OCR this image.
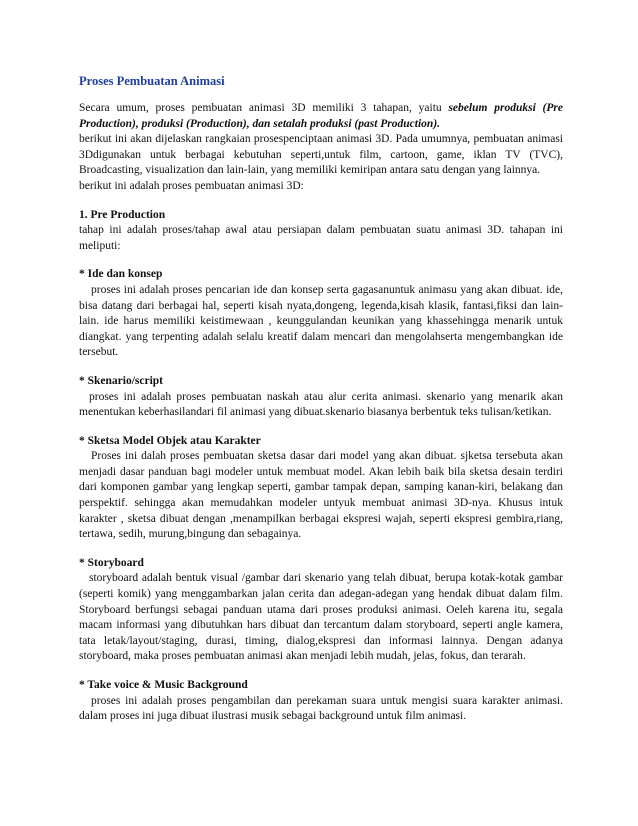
Proses Pembuatan Animasi
Secara umum, proses pembuatan animasi 3D memiliki 3 tahapan, yaitu sebelum produksi (Pre Production), produksi (Production), dan setalah produksi (past Production).
berikut ini akan dijelaskan rangkaian prosespenciptaan animasi 3D. Pada umumnya, pembuatan animasi 3Ddigunakan untuk berbagai kebutuhan seperti,untuk film, cartoon, game, iklan TV (TVC), Broadcasting, visualization dan lain-lain, yang memiliki kemiripan antara satu dengan yang lainnya.
berikut ini adalah proses pembuatan animasi 3D:
1. Pre Production
tahap ini adalah proses/tahap awal atau persiapan dalam pembuatan suatu animasi 3D. tahapan ini meliputi:
* Ide dan konsep
proses ini adalah proses pencarian ide dan konsep serta gagasanuntuk animasu yang akan dibuat. ide, bisa datang dari berbagai hal, seperti kisah nyata,dongeng, legenda,kisah klasik, fantasi,fiksi dan lain-lain. ide harus memiliki keistimewaan , keunggulandan keunikan yang khassehingga menarik untuk diangkat. yang terpenting adalah selalu kreatif dalam mencari dan mengolahserta mengembangkan ide tersebut.
* Skenario/script
proses ini adalah proses pembuatan naskah atau alur cerita animasi. skenario yang menarik akan menentukan keberhasilandari fil animasi yang dibuat.skenario biasanya berbentuk teks tulisan/ketikan.
* Sketsa Model Objek atau Karakter
Proses ini dalah proses pembuatan sketsa dasar dari model yang akan dibuat. sjketsa tersebuta akan menjadi dasar panduan bagi modeler untuk membuat model. Akan lebih baik bila sketsa desain terdiri dari komponen gambar yang lengkap seperti, gambar tampak depan, samping kanan-kiri, belakang dan perspektif. sehingga akan memudahkan modeler untyuk membuat animasi 3D-nya. Khusus intuk karakter , sketsa dibuat dengan ,menampilkan berbagai ekspresi wajah, seperti ekspresi gembira,riang, tertawa, sedih, murung,bingung dan sebagainya.
* Storyboard
storyboard adalah bentuk visual /gambar dari skenario yang telah dibuat, berupa kotak-kotak gambar (seperti komik) yang menggambarkan jalan cerita dan adegan-adegan yang hendak dibuat dalam film. Storyboard berfungsi sebagai panduan utama dari proses produksi animasi. Oeleh karena itu, segala macam informasi yang dibutuhkan hars dibuat dan tercantum dalam storyboard, seperti angle kamera, tata letak/layout/staging, durasi, timing, dialog,ekspresi dan informasi lainnya. Dengan adanya storyboard, maka proses pembuatan animasi akan menjadi lebih mudah, jelas, fokus, dan terarah.
* Take voice & Music Background
proses ini adalah proses pengambilan dan perekaman suara untuk mengisi suara karakter animasi. dalam proses ini juga dibuat ilustrasi musik sebagai background untuk film animasi.
